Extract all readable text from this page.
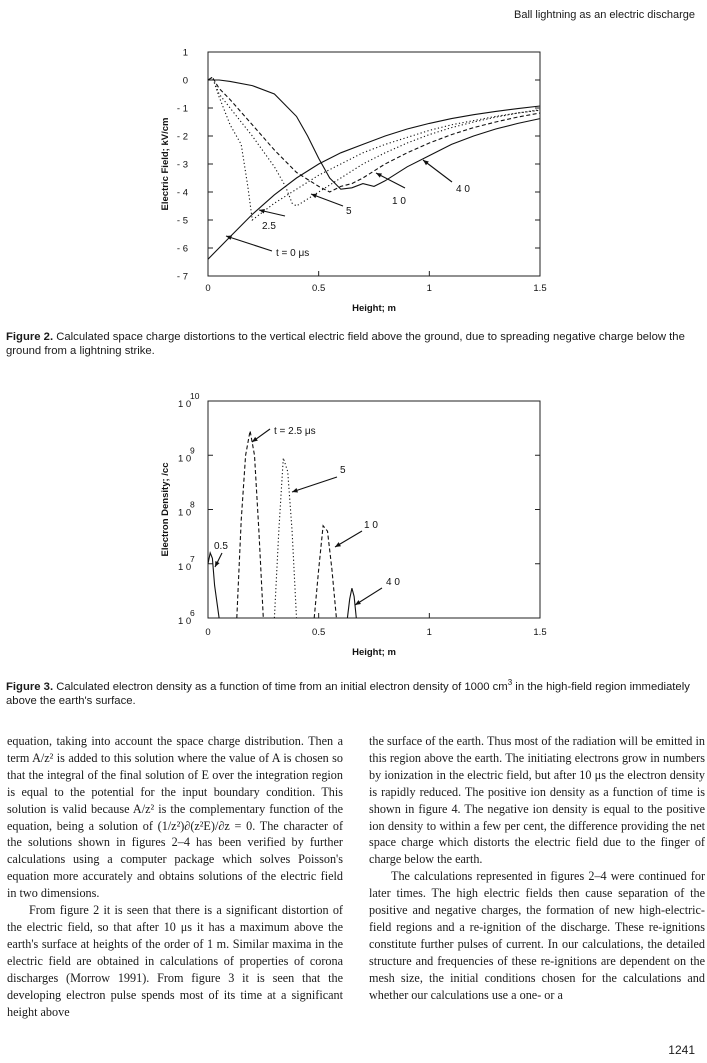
Ball lightning as an electric discharge
1
0
- 1
- 2
- 3
- 4
- 5
- 6
- 7
0	0.5	1	1.5
Height; m
Electric Field; kV/cm
t = 0 μs
2.5
5
1 0
4 0
Figure 2. Calculated space charge distortions to the vertical electric field above the ground, due to spreading negative charge below the ground from a lightning strike.
1 0
10
1 0
9
1 0
8
1 0
7
1 0
6
0	0.5	1	1.5
Height; m
Electron Density; /cc
t = 2.5 μs
5
1 0
0.5
4 0
Figure 3. Calculated electron density as a function of time from an initial electron density of 1000 $cm^3$ in the high-field region immediately above the earth's surface.

equation, taking into account the space charge distribution. Then a term A/z² is added to this solution where the value of A is chosen so that the integral of the final solution of E over the integration region is equal to the potential for the input boundary condition. This solution is valid because A/z² is the complementary function of the equation, being a solution of (1/z²)∂(z²E)/∂z = 0. The character of the solutions shown in figures 2–4 has been verified by further calculations using a computer package which solves Poisson's equation more accurately and obtains solutions of the electric field in two dimensions.

From figure 2 it is seen that there is a significant distortion of the electric field, so that after 10 μs it has a maximum above the earth's surface at heights of the order of 1 m. Similar maxima in the electric field are obtained in calculations of properties of corona discharges (Morrow 1991). From figure 3 it is seen that the developing electron pulse spends most of its time at a significant height above

the surface of the earth. Thus most of the radiation will be emitted in this region above the earth. The initiating electrons grow in numbers by ionization in the electric field, but after 10 μs the electron density is rapidly reduced. The positive ion density as a function of time is shown in figure 4. The negative ion density is equal to the positive ion density to within a few per cent, the difference providing the net space charge which distorts the electric field due to the finger of charge below the earth.

The calculations represented in figures 2–4 were continued for later times. The high electric fields then cause separation of the positive and negative charges, the formation of new high-electric-field regions and a re-ignition of the discharge. These re-ignitions constitute further pulses of current. In our calculations, the detailed structure and frequencies of these re-ignitions are dependent on the mesh size, the initial conditions chosen for the calculations and whether our calculations use a one- or a

1241
